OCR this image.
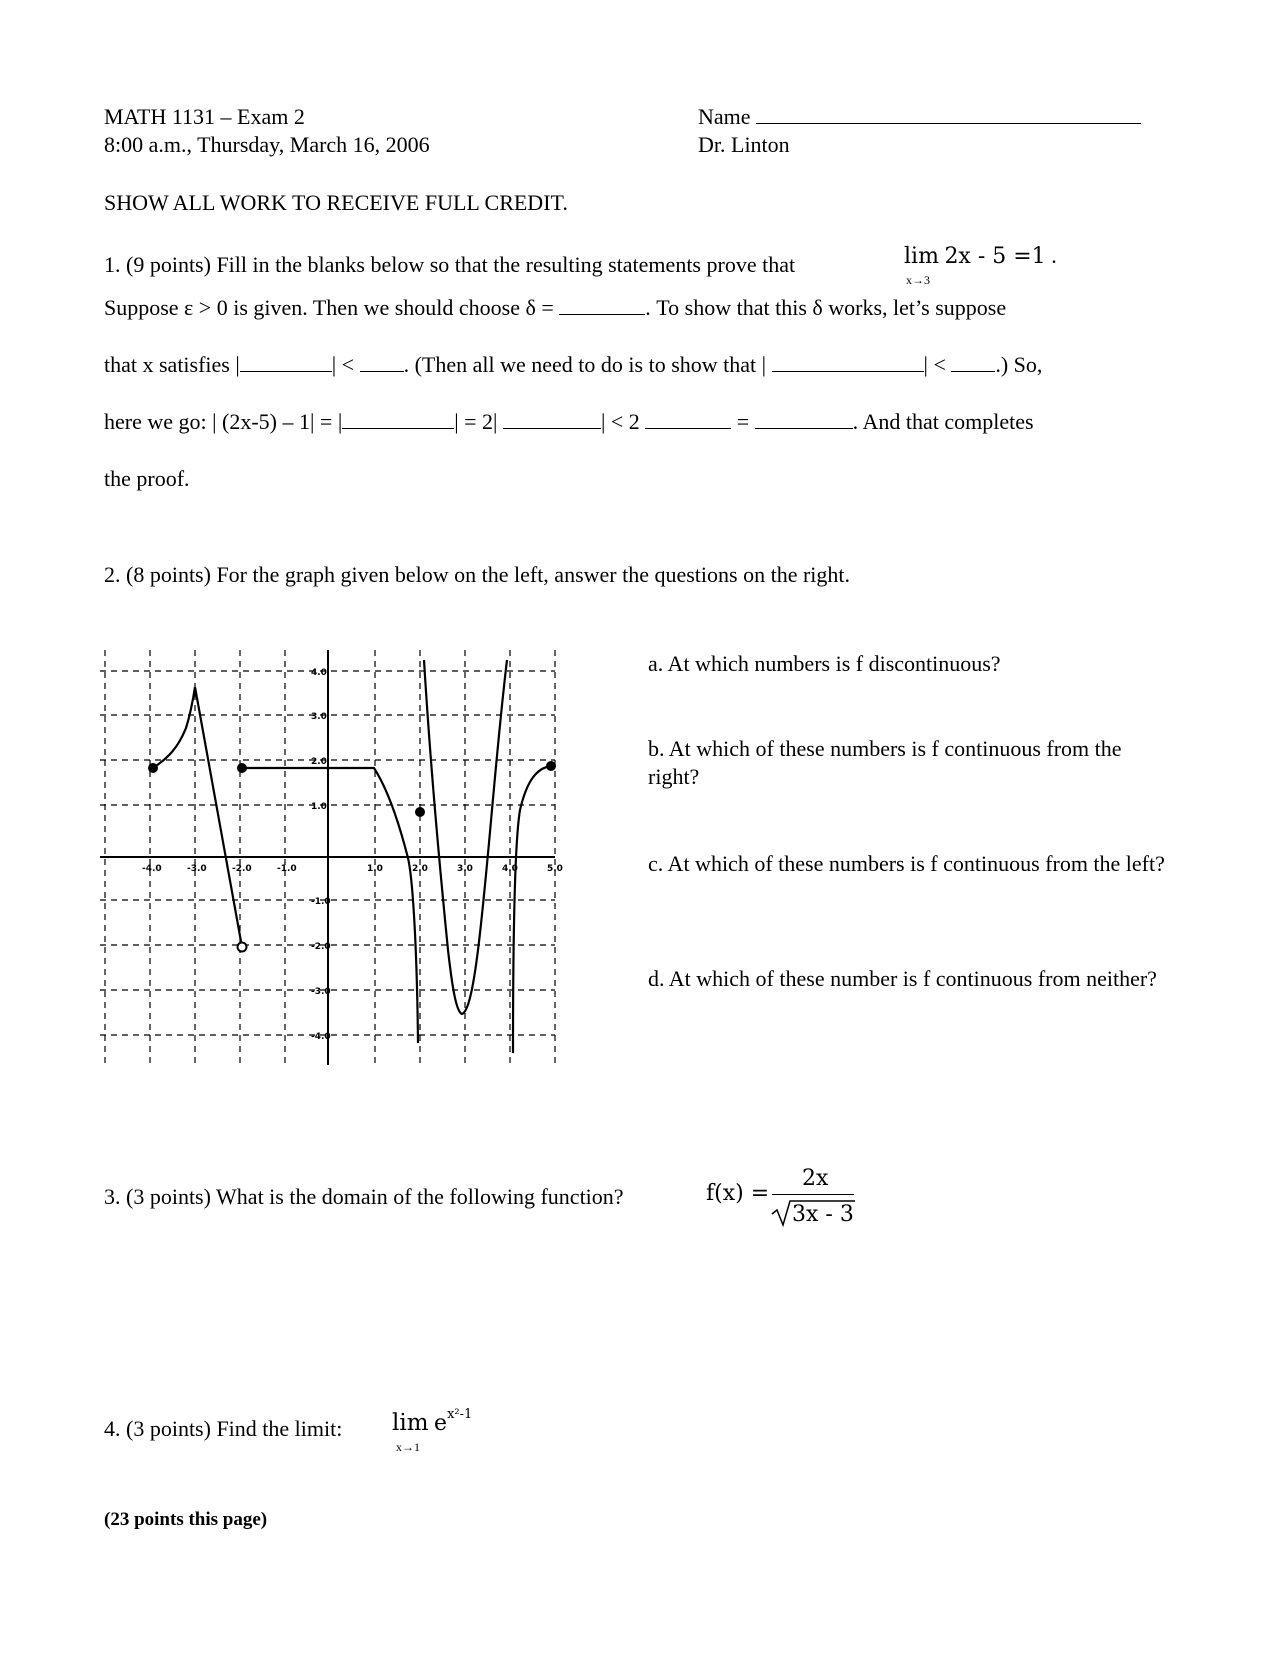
MATH 1131 – Exam 2
8:00 a.m., Thursday, March 16, 2006
Name
Dr. Linton
SHOW ALL WORK TO RECEIVE FULL CREDIT.
1. (9 points) Fill in the blanks below so that the resulting statements prove that	lim 2x - 5 =1 .
x→3
Suppose ε > 0 is given. Then we should choose δ =	. To show that this δ works, let’s suppose
that x satisfies |	| < . (Then all we need to do is to show that |	| < .) So,
here we go: | (2x-5) – 1| = |	| = 2|	| < 2	=	. And that completes
the proof.
2. (8 points) For the graph given below on the left, answer the questions on the right.
-4.0	-3.0	-2.0	-1.0	1.0	2.0	3.0	4.0	5.0
4.0
3.0
2.0
1.0
-1.0
-2.0
-3.0
-4.0
a. At which numbers is f discontinuous?
b. At which of these numbers is f continuous from the right?
c. At which of these numbers is f continuous from the left?
d. At which of these number is f continuous from neither?
3. (3 points) What is the domain of the following function?	f(x) =
2x
3x - 3
4. (3 points) Find the limit: $\lim e^{x^2-1}$
x→1
(23 points this page)
